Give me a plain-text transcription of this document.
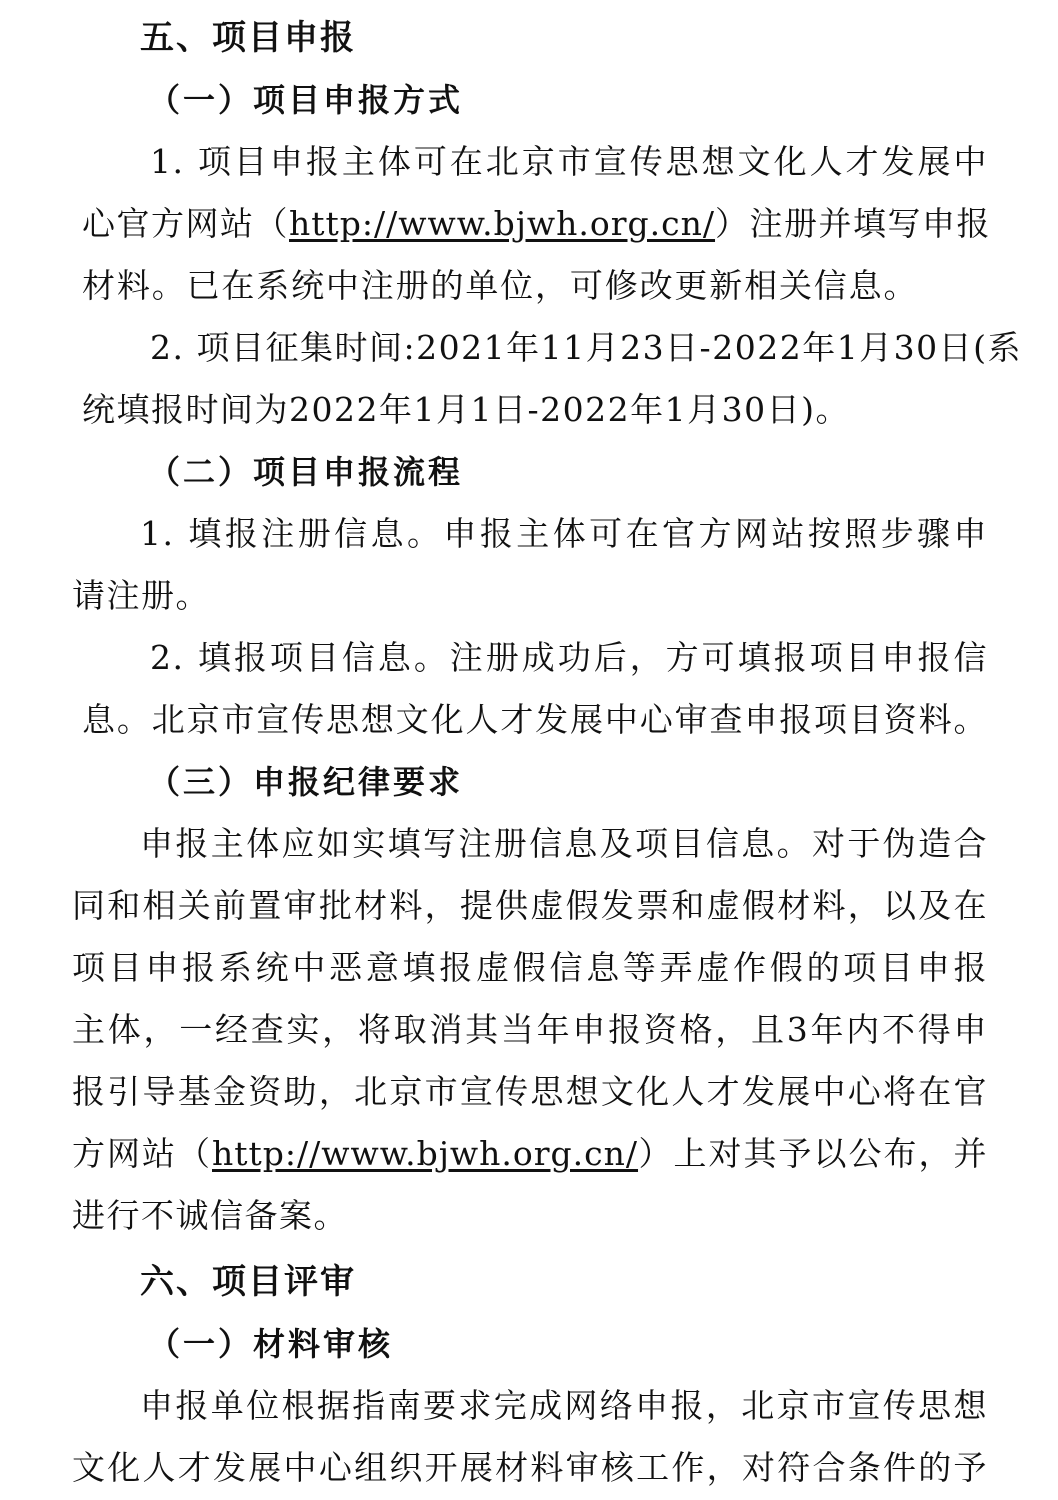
五、项目申报
（一）项目申报方式
1. 项目申报主体可在北京市宣传思想文化人才发展中
心官方网站（http://www.bjwh.org.cn/）注册并填写申报
材料。已在系统中注册的单位，可修改更新相关信息。
2. 项目征集时间:2021年11月23日-2022年1月30日(系
统填报时间为2022年1月1日-2022年1月30日)。
（二）项目申报流程
1. 填报注册信息。申报主体可在官方网站按照步骤申
请注册。
2. 填报项目信息。注册成功后，方可填报项目申报信
息。北京市宣传思想文化人才发展中心审查申报项目资料。
（三）申报纪律要求
申报主体应如实填写注册信息及项目信息。对于伪造合
同和相关前置审批材料，提供虚假发票和虚假材料，以及在
项目申报系统中恶意填报虚假信息等弄虚作假的项目申报
主体，一经查实，将取消其当年申报资格，且3年内不得申
报引导基金资助，北京市宣传思想文化人才发展中心将在官
方网站（http://www.bjwh.org.cn/）上对其予以公布，并
进行不诚信备案。
六、项目评审
（一）材料审核
申报单位根据指南要求完成网络申报，北京市宣传思想
文化人才发展中心组织开展材料审核工作，对符合条件的予
